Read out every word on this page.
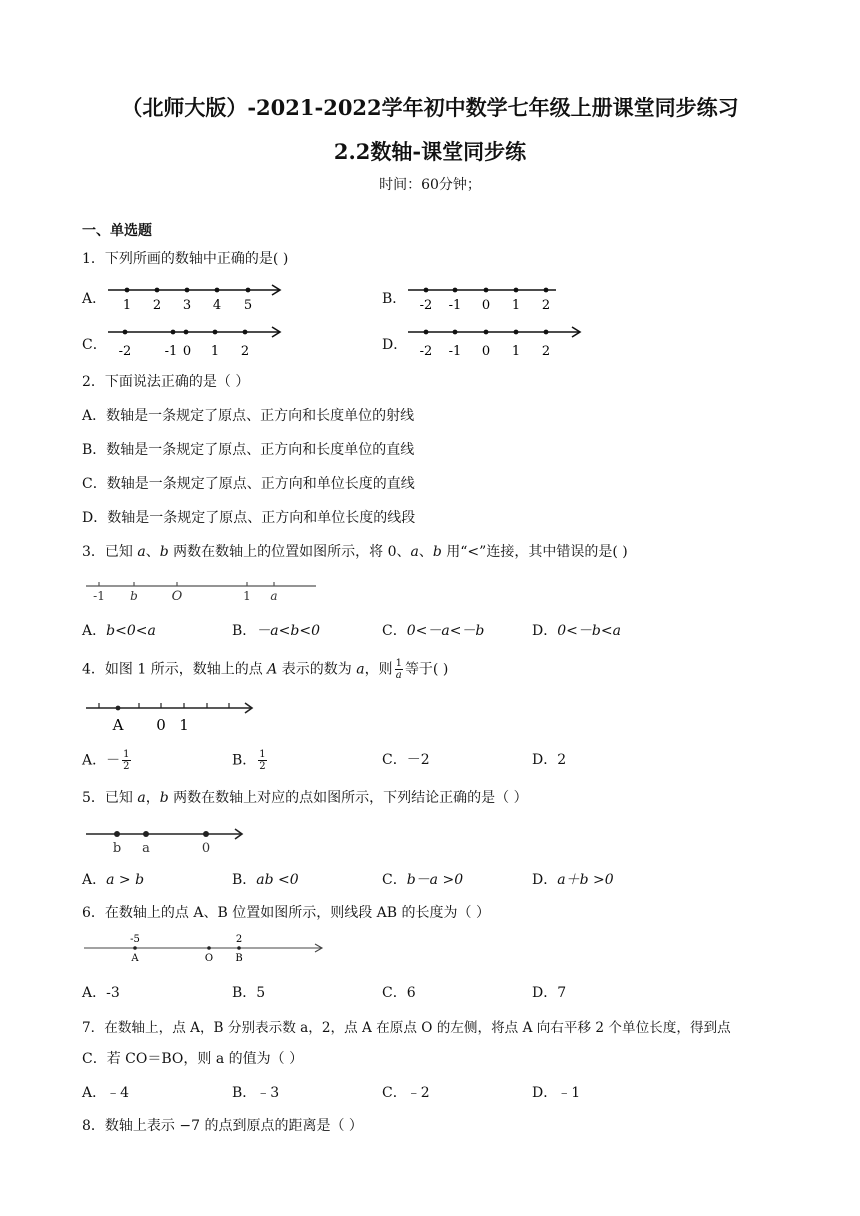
（北师大版）-2021-2022学年初中数学七年级上册课堂同步练习
2.2数轴-课堂同步练
时间：60分钟；
一、单选题
1．下列所画的数轴中正确的是( )
A． 1 2 3 4 5	B． -2 -1 0 1 2
C． -2	-1 0 1 2	D． -2 -1 0 1 2
2．下面说法正确的是（ ）
A．数轴是一条规定了原点、正方向和长度单位的射线
B．数轴是一条规定了原点、正方向和长度单位的直线
C．数轴是一条规定了原点、正方向和单位长度的直线
D．数轴是一条规定了原点、正方向和单位长度的线段
3．已知 a、b 两数在数轴上的位置如图所示，将 0、a、b 用“<”连接，其中错误的是( )
-1 b	O	1 a
A．b<0<a	B．－a<b<0	C．0<－a<－b	D．0<－b<a
4．如图 1 所示，数轴上的点 A 表示的数为 a，则 $\frac{1}{a}$ 等于( )
A 0 1
A．－ $\frac{1}{2}$	B． $\frac{1}{2}$	C．－2	D．2
5．已知 a，b 两数在数轴上对应的点如图所示，下列结论正确的是（ ）
b a	0
A．a > b	B．ab <0	C．b－a >0	D．a＋b >0
6．在数轴上的点 A、B 位置如图所示，则线段 AB 的长度为（ ）
-5
A	O
2
B
A．-3	B．5	C．6	D．7
7．在数轴上，点 A，B 分别表示数 a，2，点 A 在原点 O 的左侧，将点 A 向右平移 2 个单位长度，得到点
C．若 CO＝BO，则 a 的值为（ ）
A．﹣4	B．﹣3	C．﹣2	D．﹣1
8．数轴上表示 −7 的点到原点的距离是（ ）
